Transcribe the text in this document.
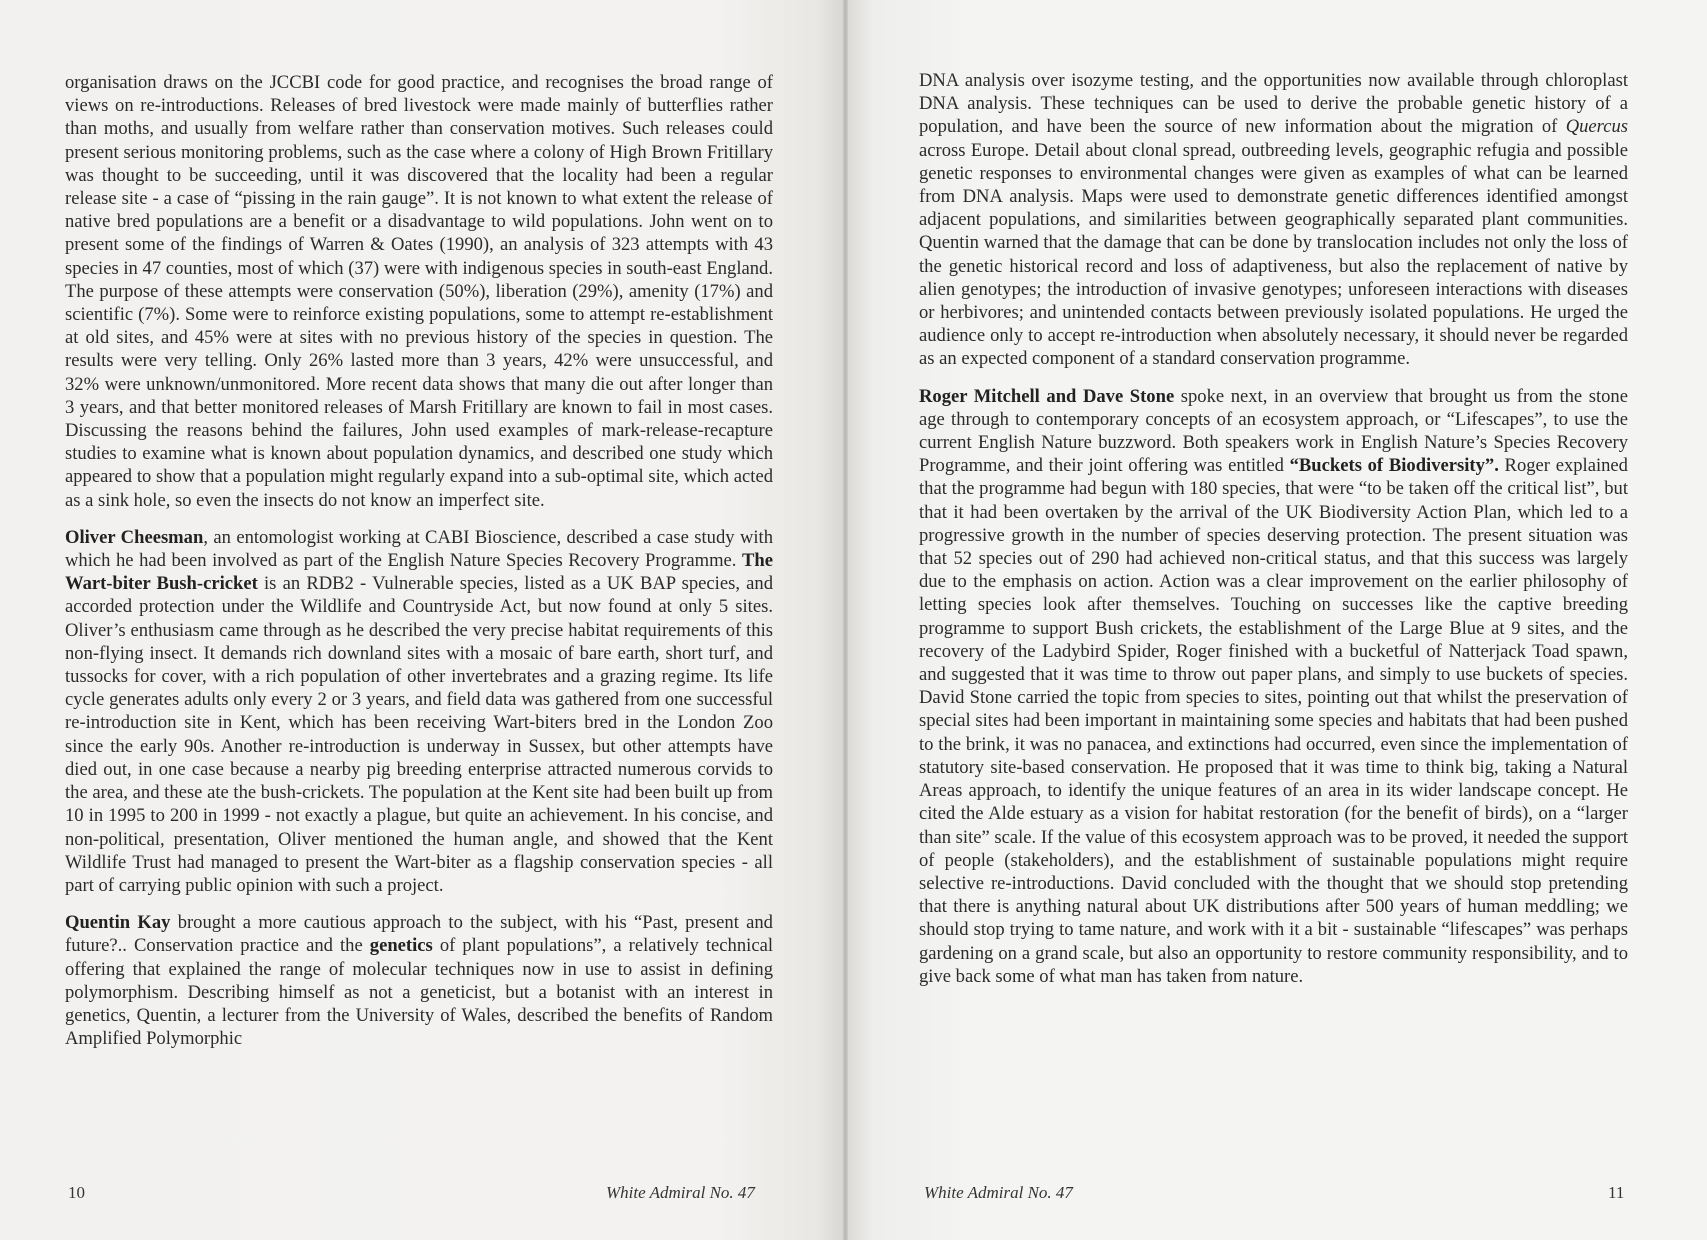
organisation draws on the JCCBI code for good practice, and recognises the broad range of views on re-introductions. Releases of bred livestock were made mainly of butterflies rather than moths, and usually from welfare rather than conservation motives. Such releases could present serious monitoring problems, such as the case where a colony of High Brown Fritillary was thought to be succeeding, until it was discovered that the locality had been a regular release site - a case of “pissing in the rain gauge”. It is not known to what extent the release of native bred populations are a benefit or a disadvantage to wild populations. John went on to present some of the findings of Warren & Oates (1990), an analysis of 323 attempts with 43 species in 47 counties, most of which (37) were with indigenous species in south-east England. The purpose of these attempts were conservation (50%), liberation (29%), amenity (17%) and scientific (7%). Some were to reinforce existing populations, some to attempt re-establishment at old sites, and 45% were at sites with no previous history of the species in question. The results were very telling. Only 26% lasted more than 3 years, 42% were unsuccessful, and 32% were unknown/unmonitored. More recent data shows that many die out after longer than 3 years, and that better monitored releases of Marsh Fritillary are known to fail in most cases. Discussing the reasons behind the failures, John used examples of mark-release-recapture studies to examine what is known about population dynamics, and described one study which appeared to show that a population might regularly expand into a sub-optimal site, which acted as a sink hole, so even the insects do not know an imperfect site.

Oliver Cheesman, an entomologist working at CABI Bioscience, described a case study with which he had been involved as part of the English Nature Species Recovery Programme. The Wart-biter Bush-cricket is an RDB2 - Vulnerable species, listed as a UK BAP species, and accorded protection under the Wildlife and Countryside Act, but now found at only 5 sites. Oliver’s enthusiasm came through as he described the very precise habitat requirements of this non-flying insect. It demands rich downland sites with a mosaic of bare earth, short turf, and tussocks for cover, with a rich population of other invertebrates and a grazing regime. Its life cycle generates adults only every 2 or 3 years, and field data was gathered from one successful re-introduction site in Kent, which has been receiving Wart-biters bred in the London Zoo since the early 90s. Another re-introduction is underway in Sussex, but other attempts have died out, in one case because a nearby pig breeding enterprise attracted numerous corvids to the area, and these ate the bush-crickets. The population at the Kent site had been built up from 10 in 1995 to 200 in 1999 - not exactly a plague, but quite an achievement. In his concise, and non-political, presentation, Oliver mentioned the human angle, and showed that the Kent Wildlife Trust had managed to present the Wart-biter as a flagship conservation species - all part of carrying public opinion with such a project.

Quentin Kay brought a more cautious approach to the subject, with his “Past, present and future?.. Conservation practice and the genetics of plant populations”, a relatively technical offering that explained the range of molecular techniques now in use to assist in defining polymorphism. Describing himself as not a geneticist, but a botanist with an interest in genetics, Quentin, a lecturer from the University of Wales, described the benefits of Random Amplified Polymorphic

10	White Admiral No. 47

DNA analysis over isozyme testing, and the opportunities now available through chloroplast DNA analysis. These techniques can be used to derive the probable genetic history of a population, and have been the source of new information about the migration of Quercus across Europe. Detail about clonal spread, outbreeding levels, geographic refugia and possible genetic responses to environmental changes were given as examples of what can be learned from DNA analysis. Maps were used to demonstrate genetic differences identified amongst adjacent populations, and similarities between geographically separated plant communities. Quentin warned that the damage that can be done by translocation includes not only the loss of the genetic historical record and loss of adaptiveness, but also the replacement of native by alien genotypes; the introduction of invasive genotypes; unforeseen interactions with diseases or herbivores; and unintended contacts between previously isolated populations. He urged the audience only to accept re-introduction when absolutely necessary, it should never be regarded as an expected component of a standard conservation programme.

Roger Mitchell and Dave Stone spoke next, in an overview that brought us from the stone age through to contemporary concepts of an ecosystem approach, or “Lifescapes”, to use the current English Nature buzzword. Both speakers work in English Nature’s Species Recovery Programme, and their joint offering was entitled “Buckets of Biodiversity”. Roger explained that the programme had begun with 180 species, that were “to be taken off the critical list”, but that it had been overtaken by the arrival of the UK Biodiversity Action Plan, which led to a progressive growth in the number of species deserving protection. The present situation was that 52 species out of 290 had achieved non-critical status, and that this success was largely due to the emphasis on action. Action was a clear improvement on the earlier philosophy of letting species look after themselves. Touching on successes like the captive breeding programme to support Bush crickets, the establishment of the Large Blue at 9 sites, and the recovery of the Ladybird Spider, Roger finished with a bucketful of Natterjack Toad spawn, and suggested that it was time to throw out paper plans, and simply to use buckets of species. David Stone carried the topic from species to sites, pointing out that whilst the preservation of special sites had been important in maintaining some species and habitats that had been pushed to the brink, it was no panacea, and extinctions had occurred, even since the implementation of statutory site-based conservation. He proposed that it was time to think big, taking a Natural Areas approach, to identify the unique features of an area in its wider landscape concept. He cited the Alde estuary as a vision for habitat restoration (for the benefit of birds), on a “larger than site” scale. If the value of this ecosystem approach was to be proved, it needed the support of people (stakeholders), and the establishment of sustainable populations might require selective re-introductions. David concluded with the thought that we should stop pretending that there is anything natural about UK distributions after 500 years of human meddling; we should stop trying to tame nature, and work with it a bit - sustainable “lifescapes” was perhaps gardening on a grand scale, but also an opportunity to restore community responsibility, and to give back some of what man has taken from nature.

White Admiral No. 47	11
